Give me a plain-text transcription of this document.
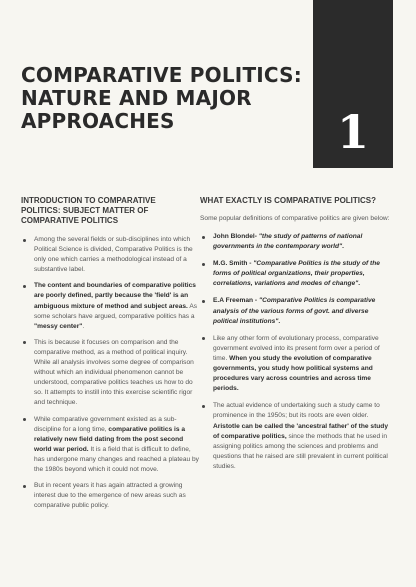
COMPARATIVE POLITICS:
NATURE AND MAJOR
APPROACHES	1
INTRODUCTION TO COMPARATIVE
POLITICS: SUBJECT MATTER OF
COMPARATIVE POLITICS
Among the several fields or sub-disciplines into which Political Science is divided, Comparative Politics is the only one which carries a methodological instead of a substantive label.
The content and boundaries of comparative politics are poorly defined, partly because the 'field' is an ambiguous mixture of method and subject areas. As some scholars have argued, comparative politics has a "messy center".
This is because it focuses on comparison and the comparative method, as a method of political inquiry. While all analysis involves some degree of comparison without which an individual phenomenon cannot be understood, comparative politics teaches us how to do so. It attempts to instill into this exercise scientific rigor and technique.
While comparative government existed as a sub-discipline for a long time, comparative politics is a relatively new field dating from the post second world war period. It is a field that is difficult to define, has undergone many changes and reached a plateau by the 1980s beyond which it could not move.
But in recent years it has again attracted a growing interest due to the emergence of new areas such as comparative public policy.
WHAT EXACTLY IS COMPARATIVE POLITICS?

Some popular definitions of comparative politics are given below:

John Blondel- "the study of patterns of national governments in the contemporary world".
M.G. Smith - "Comparative Politics is the study of the forms of political organizations, their properties, correlations, variations and modes of change".
E.A Freeman - "Comparative Politics is comparative analysis of the various forms of govt. and diverse political institutions".
Like any other form of evolutionary process, comparative government evolved into its present form over a period of time. When you study the evolution of comparative governments, you study how political systems and procedures vary across countries and across time periods.
The actual evidence of undertaking such a study came to prominence in the 1950s; but its roots are even older. Aristotle can be called the 'ancestral father' of the study of comparative politics, since the methods that he used in assigning politics among the sciences and problems and questions that he raised are still prevalent in current political studies.
